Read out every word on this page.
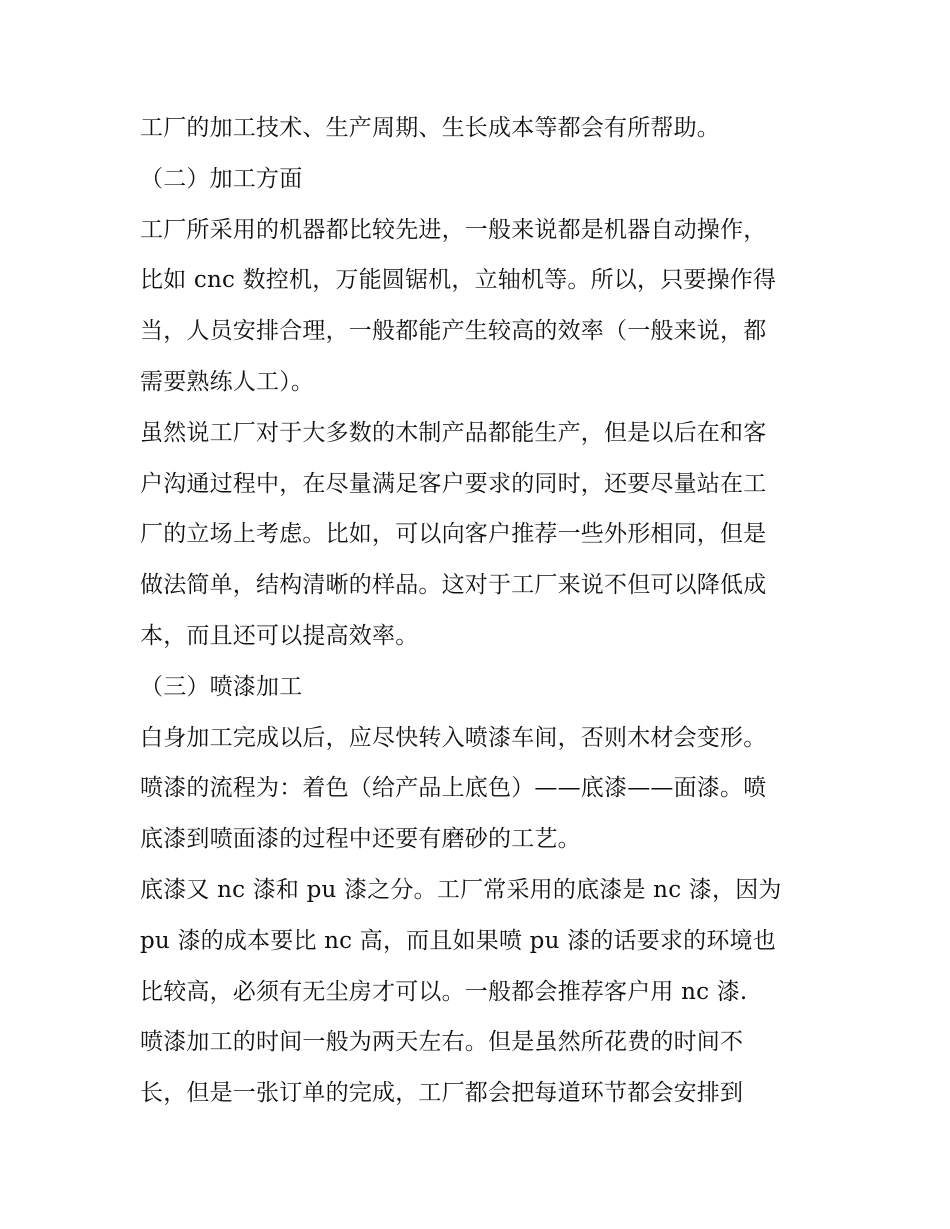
工厂的加工技术、生产周期、生长成本等都会有所帮助。
（二）加工方面
工厂所采用的机器都比较先进，一般来说都是机器自动操作，
比如 cnc 数控机，万能圆锯机，立轴机等。所以，只要操作得
当，人员安排合理，一般都能产生较高的效率（一般来说，都
需要熟练人工）。
虽然说工厂对于大多数的木制产品都能生产，但是以后在和客
户沟通过程中，在尽量满足客户要求的同时，还要尽量站在工
厂的立场上考虑。比如，可以向客户推荐一些外形相同，但是
做法简单，结构清晰的样品。这对于工厂来说不但可以降低成
本，而且还可以提高效率。
（三）喷漆加工
白身加工完成以后，应尽快转入喷漆车间，否则木材会变形。
喷漆的流程为：着色（给产品上底色）——底漆——面漆。喷
底漆到喷面漆的过程中还要有磨砂的工艺。
底漆又 nc 漆和 pu 漆之分。工厂常采用的底漆是 nc 漆，因为
pu 漆的成本要比 nc 高，而且如果喷 pu 漆的话要求的环境也
比较高，必须有无尘房才可以。一般都会推荐客户用 nc 漆.
喷漆加工的时间一般为两天左右。但是虽然所花费的时间不
长，但是一张订单的完成，工厂都会把每道环节都会安排到
